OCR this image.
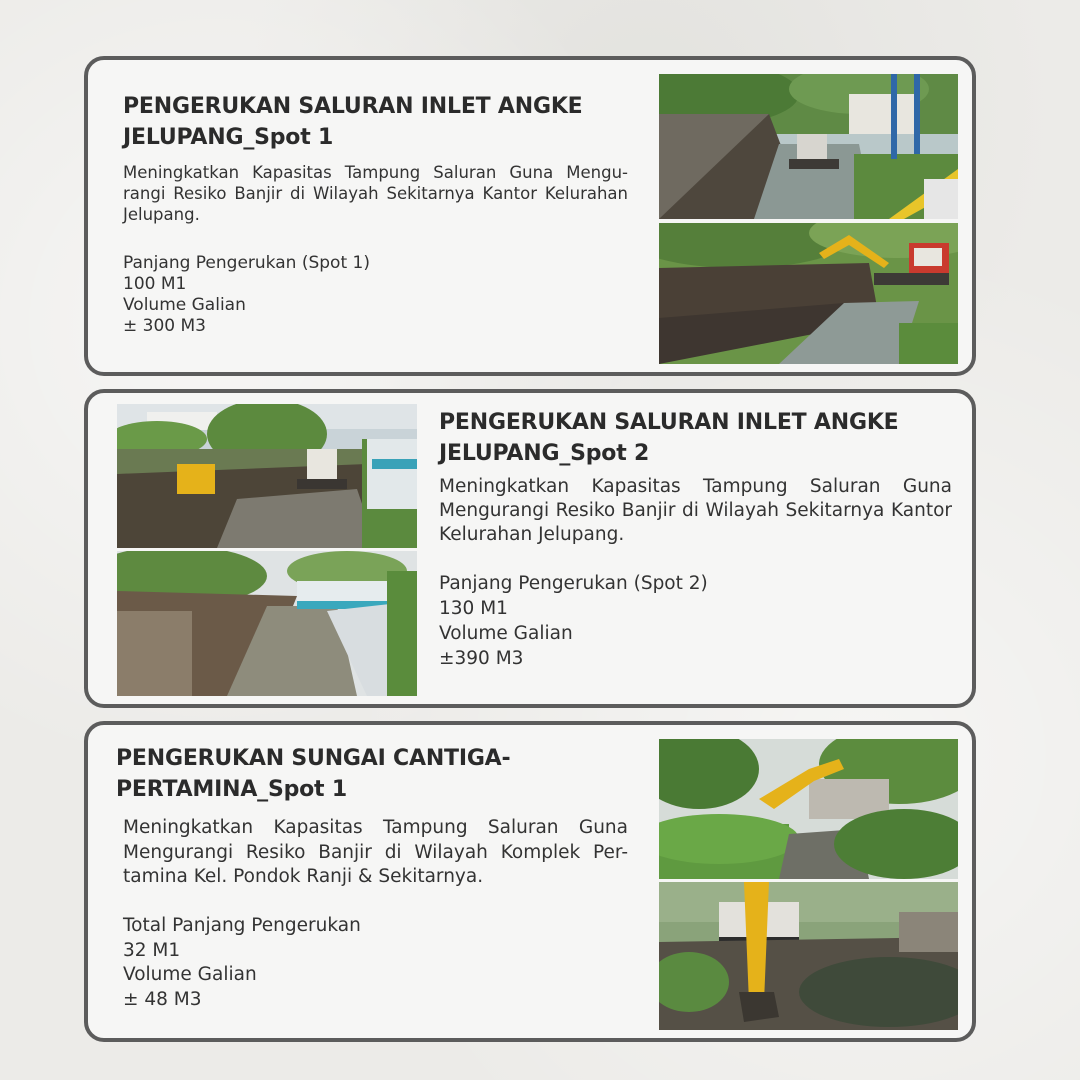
PENGERUKAN SALURAN INLET ANGKE JELUPANG_Spot 1

Meningkatkan Kapasitas Tampung Saluran Guna Mengu-rangi Resiko Banjir di Wilayah Sekitarnya Kantor Kelurahan Jelupang.

Panjang Pengerukan (Spot 1)
100 M1
Volume Galian
± 300 M3
PENGERUKAN SALURAN INLET ANGKE JELUPANG_Spot 2

Meningkatkan Kapasitas Tampung Saluran Guna Mengurangi Resiko Banjir di Wilayah Sekitarnya Kantor Kelurahan Jelupang.

Panjang Pengerukan (Spot 2)
130 M1
Volume Galian
±390 M3
PENGERUKAN SUNGAI CANTIGA-PERTAMINA_Spot 1

Meningkatkan Kapasitas Tampung Saluran Guna Mengurangi Resiko Banjir di Wilayah Komplek Per-tamina Kel. Pondok Ranji & Sekitarnya.

Total Panjang Pengerukan
32 M1
Volume Galian
± 48 M3
